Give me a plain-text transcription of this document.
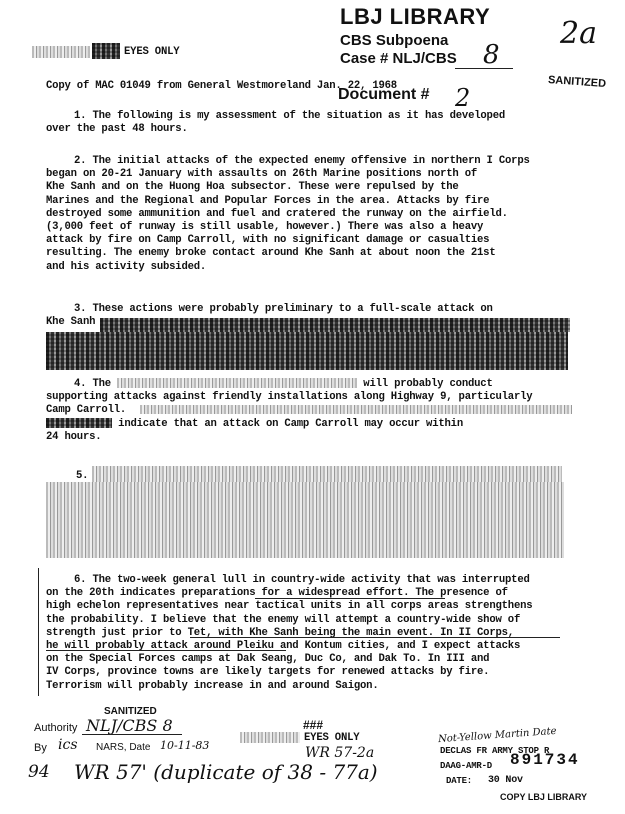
LBJ LIBRARY
CBS Subpoena
Case # NLJ/CBS	8
2a
Document # 2
SANITIZED
EYES ONLY
Copy of MAC 01049 from General Westmoreland Jan. 22, 1968

1. The following is my assessment of the situation as it has developed

over the past 48 hours.

2. The initial attacks of the expected enemy offensive in northern I Corps

began on 20-21 January with assaults on 26th Marine positions north of

Khe Sanh and on the Huong Hoa subsector. These were repulsed by the

Marines and the Regional and Popular Forces in the area. Attacks by fire

destroyed some ammunition and fuel and cratered the runway on the airfield.

(3,000 feet of runway is still usable, however.) There was also a heavy

attack by fire on Camp Carroll, with no significant damage or casualties

resulting. The enemy broke contact around Khe Sanh at about noon the 21st

and his activity subsided.

3. These actions were probably preliminary to a full-scale attack on

Khe Sanh

4. The	will probably conduct

supporting attacks against friendly installations along Highway 9, particularly

Camp Carroll.

indicate that an attack on Camp Carroll may occur within

24 hours.

5.

6. The two-week general lull in country-wide activity that was interrupted

on the 20th indicates preparations for a widespread effort. The presence of

high echelon representatives near tactical units in all corps areas strengthens

the probability. I believe that the enemy will attempt a country-wide show of

strength just prior to Tet, with Khe Sanh being the main event. In II Corps,

he will probably attack around Pleiku and Kontum cities, and I expect attacks

on the Special Forces camps at Dak Seang, Duc Co, and Dak To. In III and

IV Corps, province towns are likely targets for renewed attacks by fire.

Terrorism will probably increase in and around Saigon.

SANITIZED
Authority NLJ/CBS 8
By ics NARS, Date 10-11-83
###
EYES ONLY
WR 57-2a
94 WR 57' (duplicate of 38 - 77a)
Not-Yellow Martin Date
DECLAS FR ARMY STOP R
DAAG-AMR-D 891734
DATE: 30 Nov
COPY LBJ LIBRARY
